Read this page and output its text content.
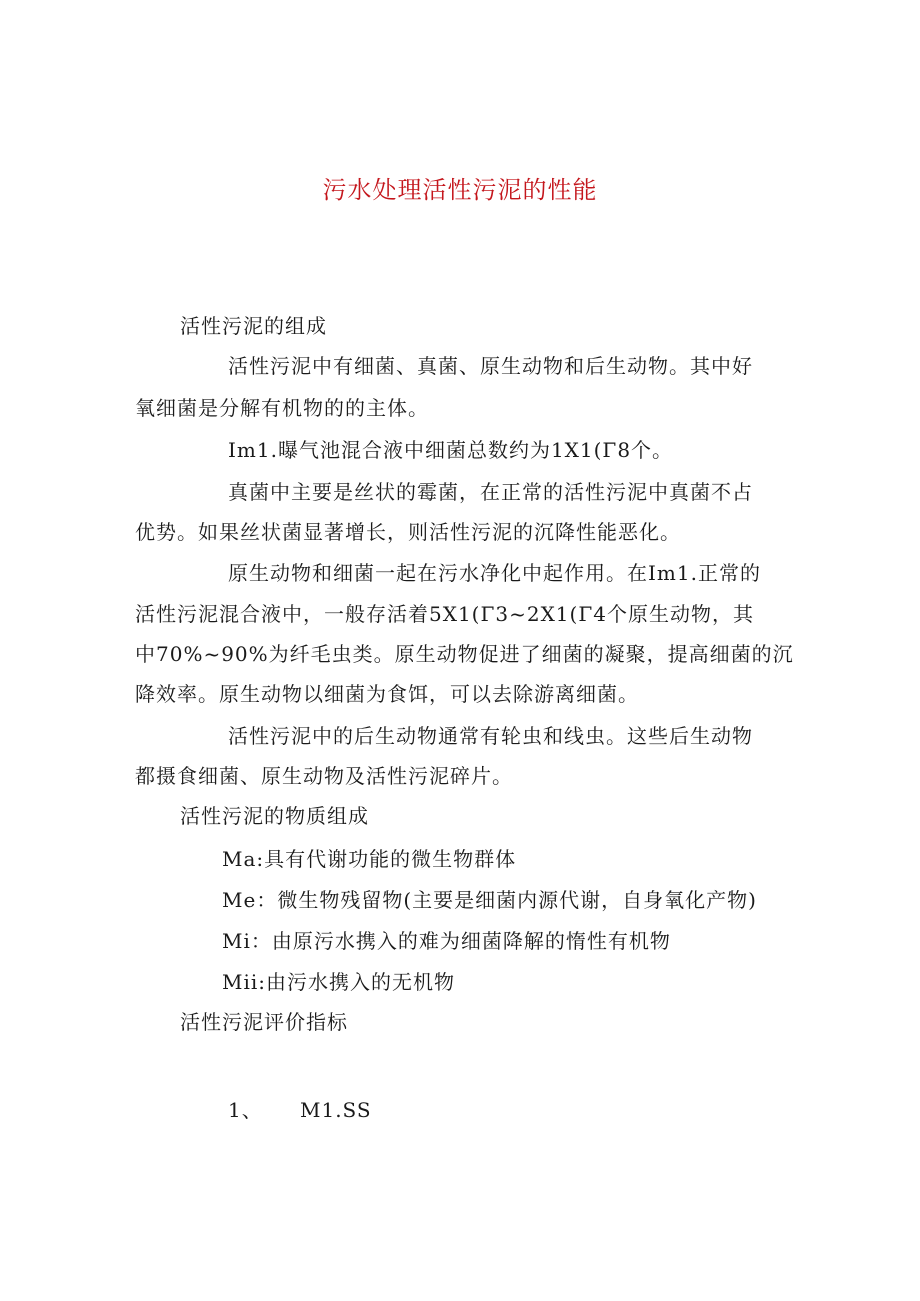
污水处理活性污泥的性能
活性污泥的组成
活性污泥中有细菌、真菌、原生动物和后生动物。其中好
氧细菌是分解有机物的的主体。
Im1.曝气池混合液中细菌总数约为1X1(Γ8个。
真菌中主要是丝状的霉菌，在正常的活性污泥中真菌不占
优势。如果丝状菌显著增长，则活性污泥的沉降性能恶化。
原生动物和细菌一起在污水净化中起作用。在Im1.正常的
活性污泥混合液中，一般存活着5X1(Γ3~2X1(Γ4个原生动物，其
中70%~90%为纤毛虫类。原生动物促进了细菌的凝聚，提高细菌的沉
降效率。原生动物以细菌为食饵，可以去除游离细菌。
活性污泥中的后生动物通常有轮虫和线虫。这些后生动物
都摄食细菌、原生动物及活性污泥碎片。
活性污泥的物质组成
Ma:具有代谢功能的微生物群体
Me：微生物残留物(主要是细菌内源代谢，自身氧化产物)
Mi：由原污水携入的难为细菌降解的惰性有机物
Mii:由污水携入的无机物
活性污泥评价指标
1、 M1.SS
